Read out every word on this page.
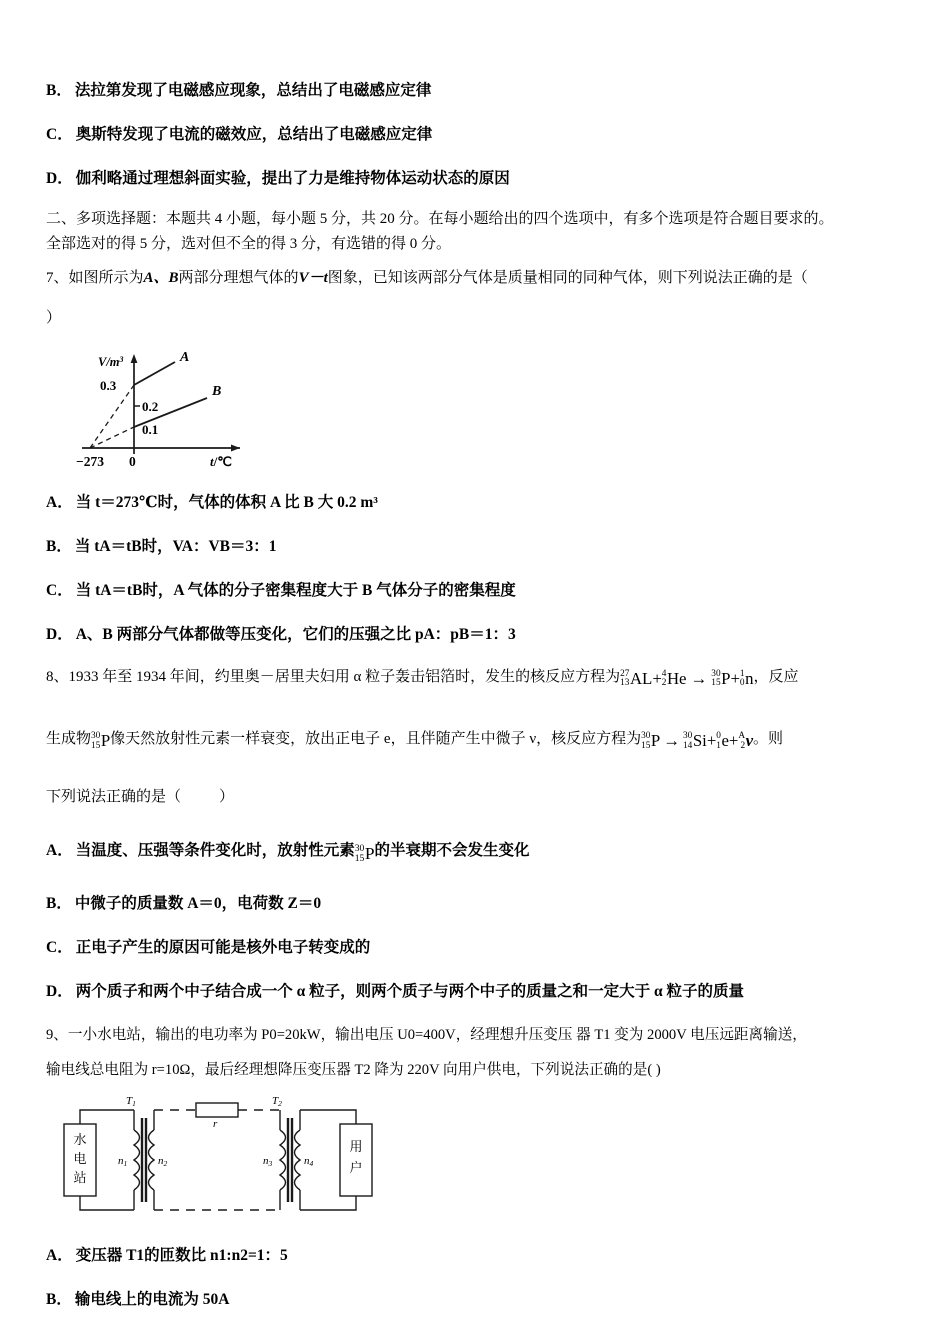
B． 法拉第发现了电磁感应现象，总结出了电磁感应定律
C． 奥斯特发现了电流的磁效应，总结出了电磁感应定律
D． 伽利略通过理想斜面实验，提出了力是维持物体运动状态的原因
二、多项选择题：本题共 4 小题，每小题 5 分，共 20 分。在每小题给出的四个选项中，有多个选项是符合题目要求的。
全部选对的得 5 分，选对但不全的得 3 分，有选错的得 0 分。
7、如图所示为A、B两部分理想气体的V－t图象，已知该两部分气体是质量相同的同种气体，则下列说法正确的是（
）
$V/m^3$
0.3
0.2
0.1
A
B
−273 0	t/℃
A． 当 t＝273℃时，气体的体积 A 比 B 大 0.2 m³
B． 当 tA＝tB时，VA：VB＝3：1
C． 当 tA＝tB时，A 气体的分子密集程度大于 B 气体分子的密集程度
D． A、B 两部分气体都做等压变化，它们的压强之比 pA：pB＝1：3
8、1933 年至 1934 年间，约里奥－居里夫妇用 α 粒子轰击铝箔时，发生的核反应方程为 27
13 AL+ 4
2 He → 30
15 P+ 1
0 n，反应
生成物 30
15 P像天然放射性元素一样衰变，放出正电子 e，且伴随产生中微子 ν，核反应方程为 30
15 P → 30
14 Si+ 0
1 e+ A
2 ν。则
下列说法正确的是（	）
A． 当温度、压强等条件变化时，放射性元素 30
15 P的半衰期不会发生变化
B． 中微子的质量数 A＝0，电荷数 Z＝0
C． 正电子产生的原因可能是核外电子转变成的
D． 两个质子和两个中子结合成一个 α 粒子，则两个质子与两个中子的质量之和一定大于 α 粒子的质量
9、一小水电站，输出的电功率为 P0=20kW，输出电压 U0=400V，经理想升压变压 器 T1 变为 2000V 电压远距离输送，
输电线总电阻为 r=10Ω，最后经理想降压变压器 T2 降为 220V 向用户供电，下列说法正确的是( )
T1	T2
r
n1	n2	n3	n4
水
电
站
用
户
A． 变压器 T1的匝数比 n1:n2=1：5
B． 输电线上的电流为 50A
